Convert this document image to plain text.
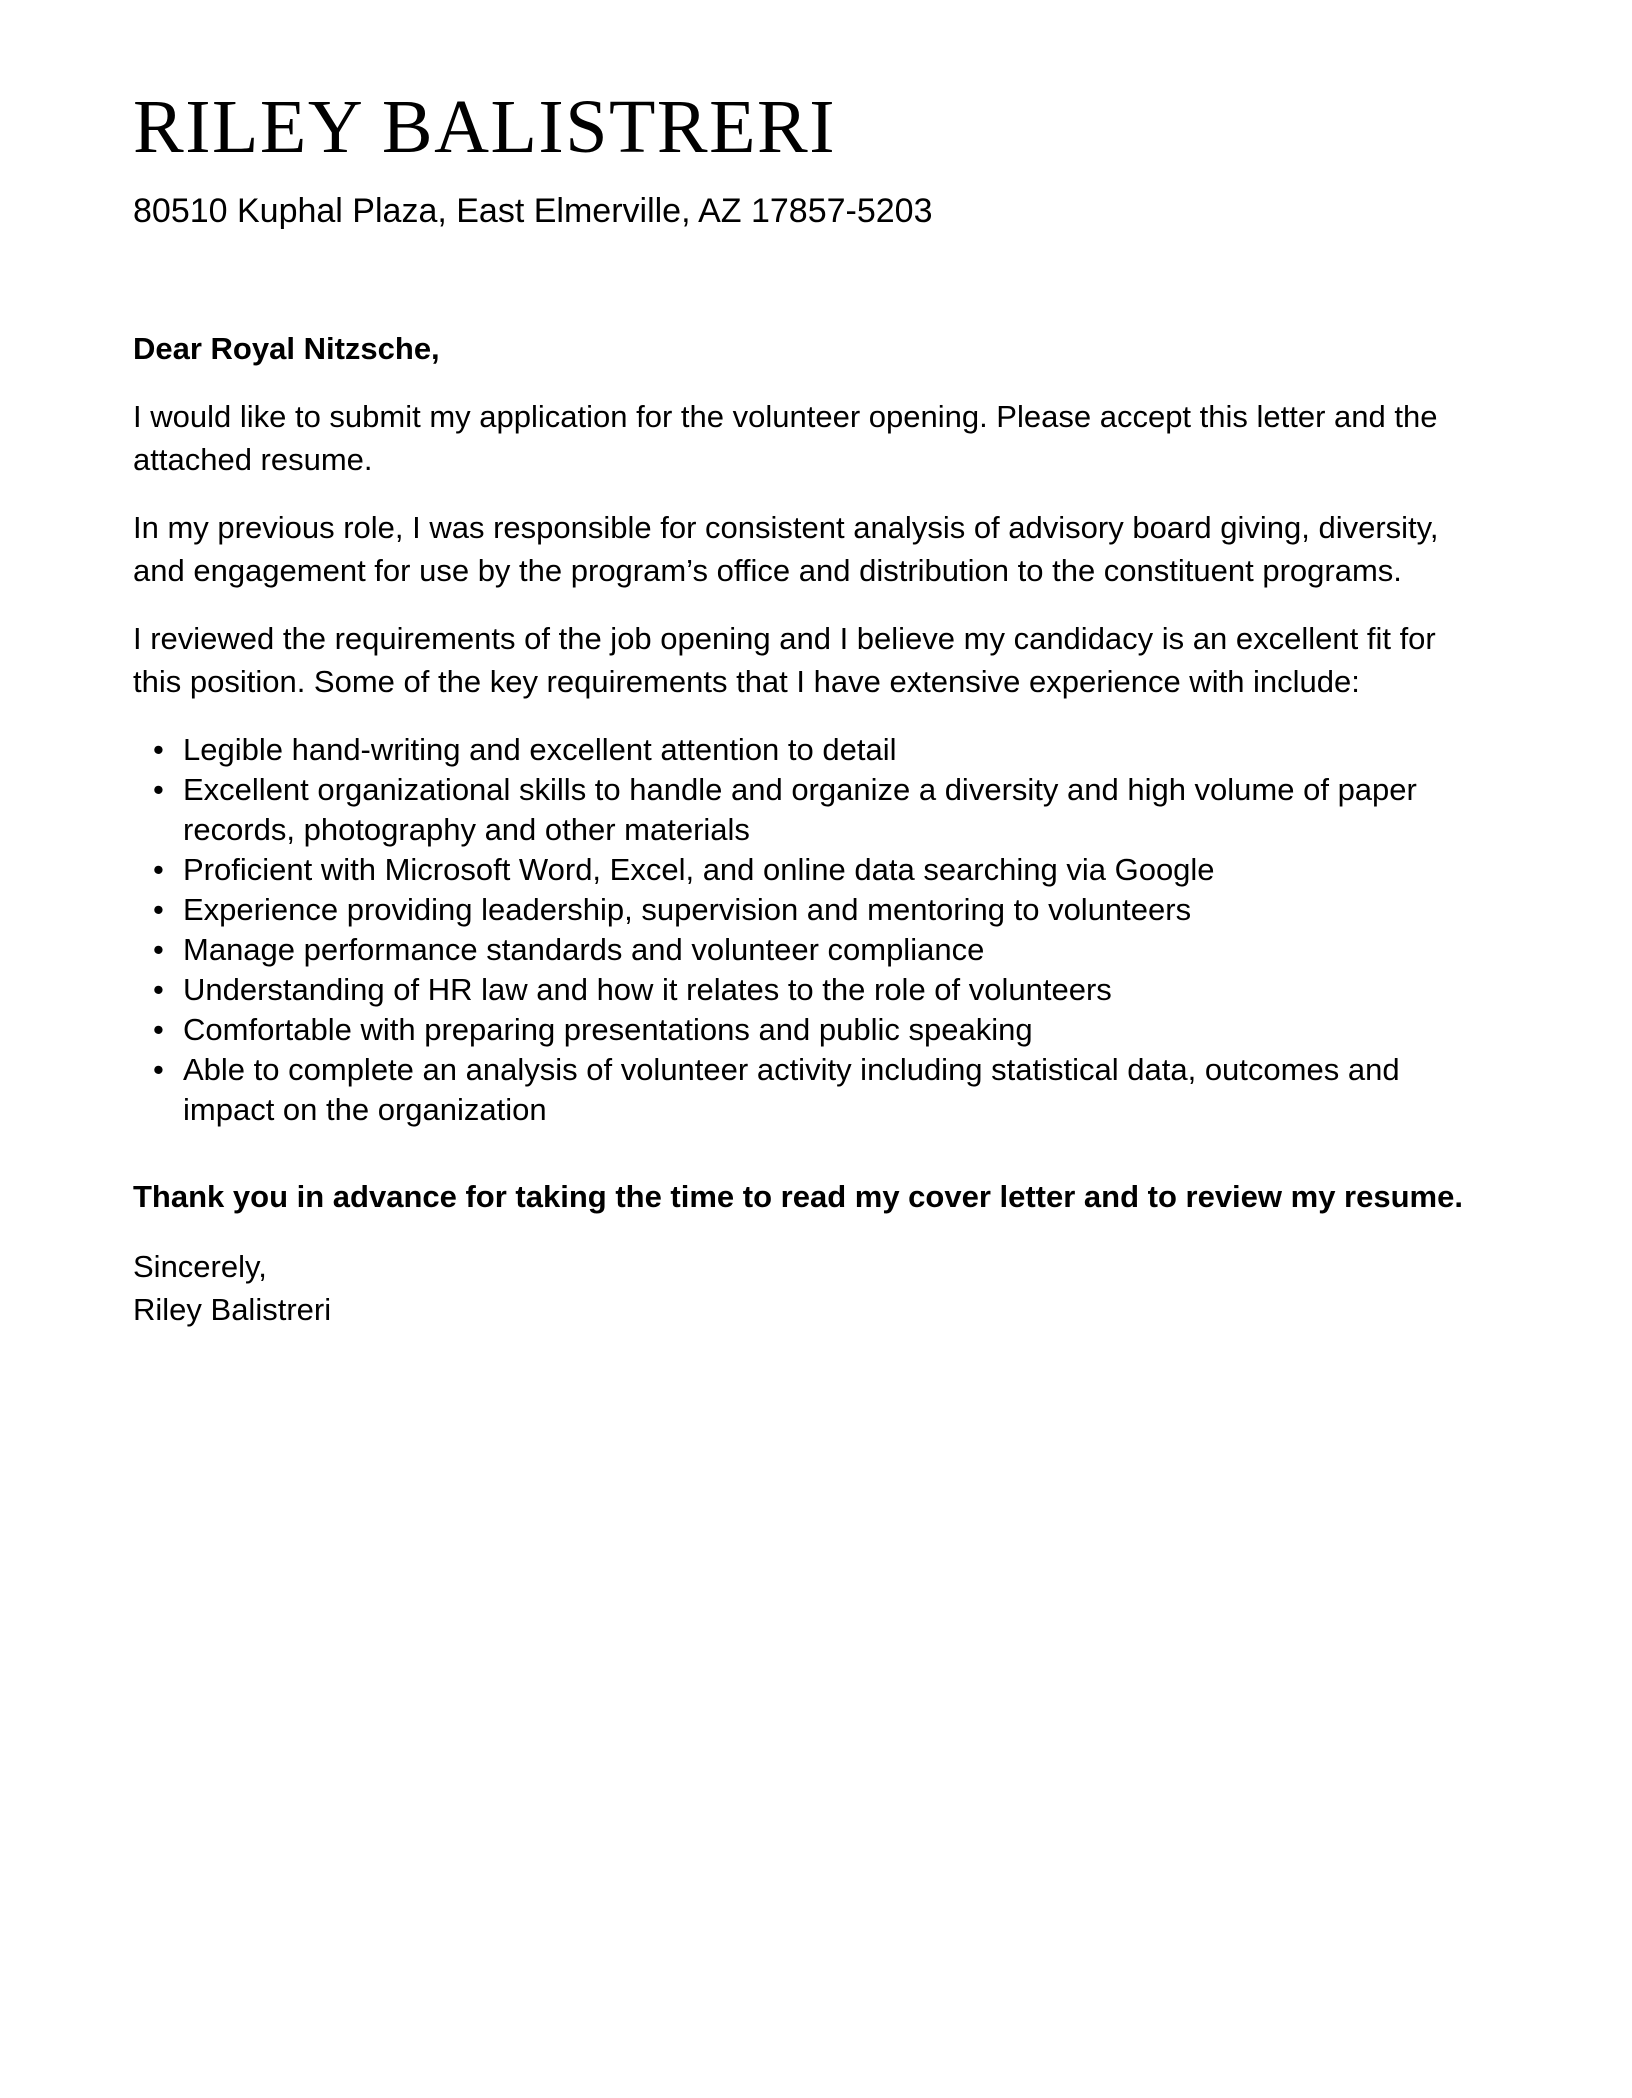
RILEY BALISTRERI
80510 Kuphal Plaza, East Elmerville, AZ 17857-5203
Dear Royal Nitzsche,

I would like to submit my application for the volunteer opening. Please accept this letter and the attached resume.

In my previous role, I was responsible for consistent analysis of advisory board giving, diversity, and engagement for use by the program’s office and distribution to the constituent programs.

I reviewed the requirements of the job opening and I believe my candidacy is an excellent fit for this position. Some of the key requirements that I have extensive experience with include:

• Legible hand-writing and excellent attention to detail
• Excellent organizational skills to handle and organize a diversity and high volume of paper records, photography and other materials
• Proficient with Microsoft Word, Excel, and online data searching via Google
• Experience providing leadership, supervision and mentoring to volunteers
• Manage performance standards and volunteer compliance
• Understanding of HR law and how it relates to the role of volunteers
• Comfortable with preparing presentations and public speaking
• Able to complete an analysis of volunteer activity including statistical data, outcomes and impact on the organization

Thank you in advance for taking the time to read my cover letter and to review my resume.

Sincerely,
Riley Balistreri
